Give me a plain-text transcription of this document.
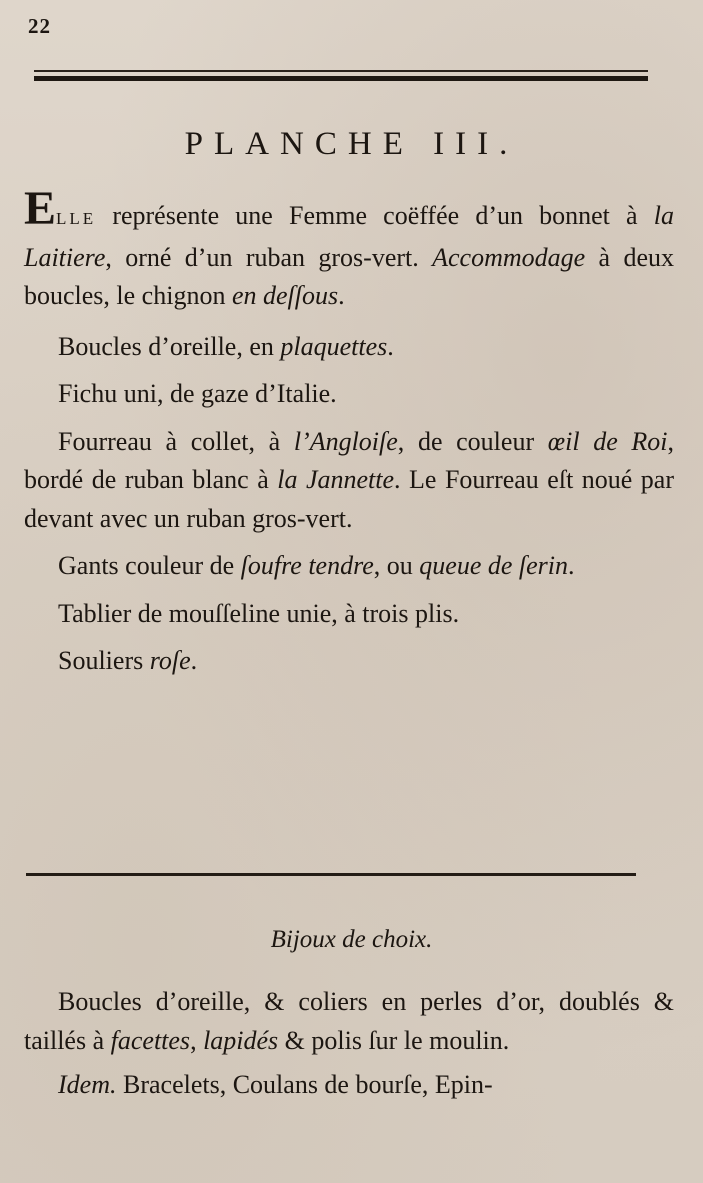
22
PLANCHE III.

ELLE représente une Femme coëffée d’un bonnet à la Laitiere, orné d’un ruban gros-vert. Accommodage à deux boucles, le chignon en deſſous.

Boucles d’oreille, en plaquettes.

Fichu uni, de gaze d’Italie.

Fourreau à collet, à l’Angloiſe, de couleur œil de Roi, bordé de ruban blanc à la Jannette. Le Fourreau eſt noué par devant avec un ruban gros-vert.

Gants couleur de ſoufre tendre, ou queue de ſerin.

Tablier de mouſſeline unie, à trois plis.

Souliers roſe.

Bijoux de choix.

Boucles d’oreille, & coliers en perles d’or, doublés & taillés à facettes, lapidés & polis ſur le moulin.

Idem. Bracelets, Coulans de bourſe, Epin-
